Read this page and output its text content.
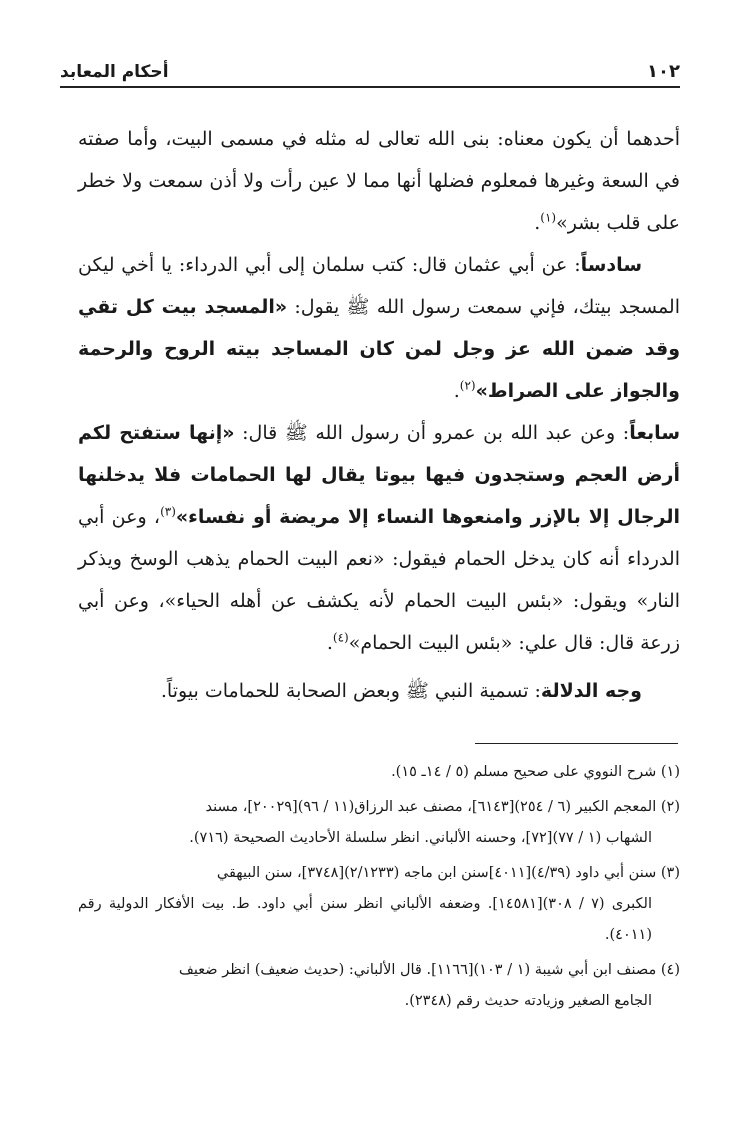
١٠٢
أحكام المعابد

أحدهما أن يكون معناه: بنى الله تعالى له مثله في مسمى البيت، وأما صفته في السعة وغيرها فمعلوم فضلها أنها مما لا عين رأت ولا أذن سمعت ولا خطر على قلب بشر»$^{(١)}$.

سادساً: عن أبي عثمان قال: كتب سلمان إلى أبي الدرداء: يا أخي ليكن المسجد بيتك، فإني سمعت رسول الله ﷺ يقول: «المسجد بيت كل تقي وقد ضمن الله عز وجل لمن كان المساجد بيته الروح والرحمة والجواز على الصراط»$^{(٢)}$.

سابعاً: وعن عبد الله بن عمرو أن رسول الله ﷺ قال: «إنها ستفتح لكم أرض العجم وستجدون فيها بيوتا يقال لها الحمامات فلا يدخلنها الرجال إلا بالإزر وامنعوها النساء إلا مريضة أو نفساء»$^{(٣)}$، وعن أبي الدرداء أنه كان يدخل الحمام فيقول: «نعم البيت الحمام يذهب الوسخ ويذكر النار» ويقول: «بئس البيت الحمام لأنه يكشف عن أهله الحياء»، وعن أبي زرعة قال: قال علي: «بئس البيت الحمام»$^{(٤)}$.

وجه الدلالة: تسمية النبي ﷺ وبعض الصحابة للحمامات بيوتاً.

(١) شرح النووي على صحيح مسلم (٥ / ١٤ـ ١٥).

(٢) المعجم الكبير (٦ / ٢٥٤)[٦١٤٣]، مصنف عبد الرزاق(١١ / ٩٦)[٢٠٠٢٩]، مسند
الشهاب (١ / ٧٧)[٧٢]، وحسنه الألباني. انظر سلسلة الأحاديث الصحيحة (٧١٦).

(٣) سنن أبي داود (٤/٣٩)[٤٠١١]سنن ابن ماجه (٢/١٢٣٣)[٣٧٤٨]، سنن البيهقي
الكبرى (٧ / ٣٠٨)[١٤٥٨١]. وضعفه الألباني انظر سنن أبي داود. ط. بيت الأفكار الدولية رقم (٤٠١١).

(٤) مصنف ابن أبي شيبة (١ / ١٠٣)[١١٦٦]. قال الألباني: (حديث ضعيف) انظر ضعيف
الجامع الصغير وزيادته حديث رقم (٢٣٤٨).
